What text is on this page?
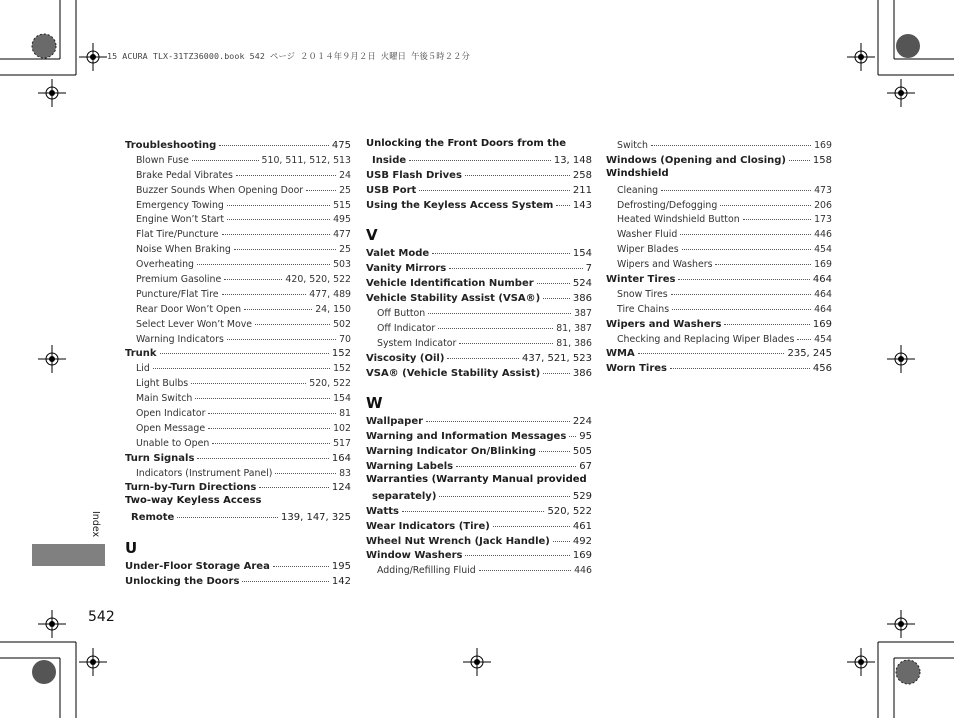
15 ACURA TLX-31TZ36000.book 542 ページ ２０１４年９月２日 火曜日 午後５時２２分
Troubleshooting	475
Blown Fuse	510, 511, 512, 513
Brake Pedal Vibrates	24
Buzzer Sounds When Opening Door	25
Emergency Towing	515
Engine Won’t Start	495
Flat Tire/Puncture	477
Noise When Braking	25
Overheating	503
Premium Gasoline	420, 520, 522
Puncture/Flat Tire	477, 489
Rear Door Won’t Open	24, 150
Select Lever Won’t Move	502
Warning Indicators	70
Trunk	152
Lid	152
Light Bulbs	520, 522
Main Switch	154
Open Indicator	81
Open Message	102
Unable to Open	517
Turn Signals	164
Indicators (Instrument Panel)	83
Turn-by-Turn Directions	124
Two-way Keyless Access
Remote	139, 147, 325
U
Under-Floor Storage Area	195
Unlocking the Doors	142
Unlocking the Front Doors from the
Inside	13, 148
USB Flash Drives	258
USB Port	211
Using the Keyless Access System 143
V
Valet Mode	154
Vanity Mirrors	7
Vehicle Identification Number	524
Vehicle Stability Assist (VSA®)	386
Off Button	387
Off Indicator	81, 387
System Indicator	81, 386
Viscosity (Oil)	437, 521, 523
VSA® (Vehicle Stability Assist)	386
W
Wallpaper	224
Warning and Information Messages 95
Warning Indicator On/Blinking	505
Warning Labels	67
Warranties (Warranty Manual provided
separately)	529
Watts	520, 522
Wear Indicators (Tire)	461
Wheel Nut Wrench (Jack Handle) 492
Window Washers	169
Adding/Refilling Fluid	446
Switch	169
Windows (Opening and Closing)	158
Windshield
Cleaning	473
Defrosting/Defogging	206
Heated Windshield Button	173
Washer Fluid	446
Wiper Blades	454
Wipers and Washers	169
Winter Tires	464
Snow Tires	464
Tire Chains	464
Wipers and Washers	169
Checking and Replacing Wiper Blades 454
WMA	235, 245
Worn Tires	456
Index
542
